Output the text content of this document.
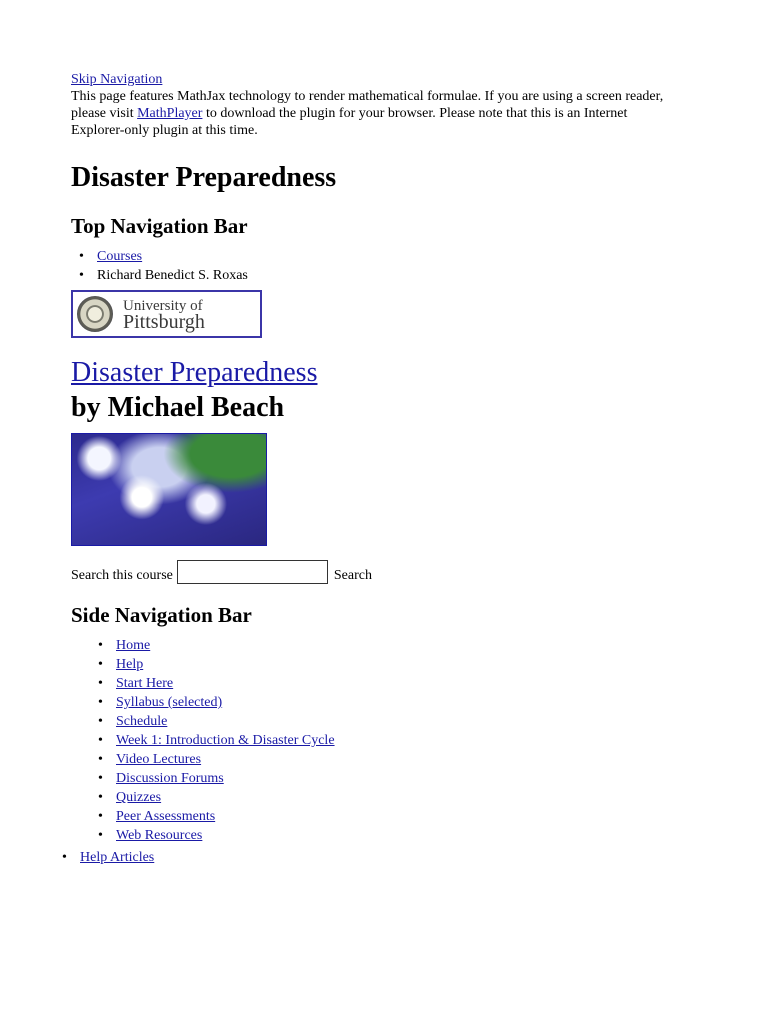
Skip Navigation

This page features MathJax technology to render mathematical formulae. If you are using a screen reader, please visit MathPlayer to download the plugin for your browser. Please note that this is an Internet Explorer-only plugin at this time.

Disaster Preparedness
Top Navigation Bar
• Courses
• Richard Benedict S. Roxas
University of
Pittsburgh
Disaster Preparedness
by Michael Beach
Search this course	Search
Side Navigation Bar
• Home
• Help
• Start Here
• Syllabus (selected)
• Schedule
• Week 1: Introduction & Disaster Cycle
• Video Lectures
• Discussion Forums
• Quizzes
• Peer Assessments
• Web Resources
• Help Articles
